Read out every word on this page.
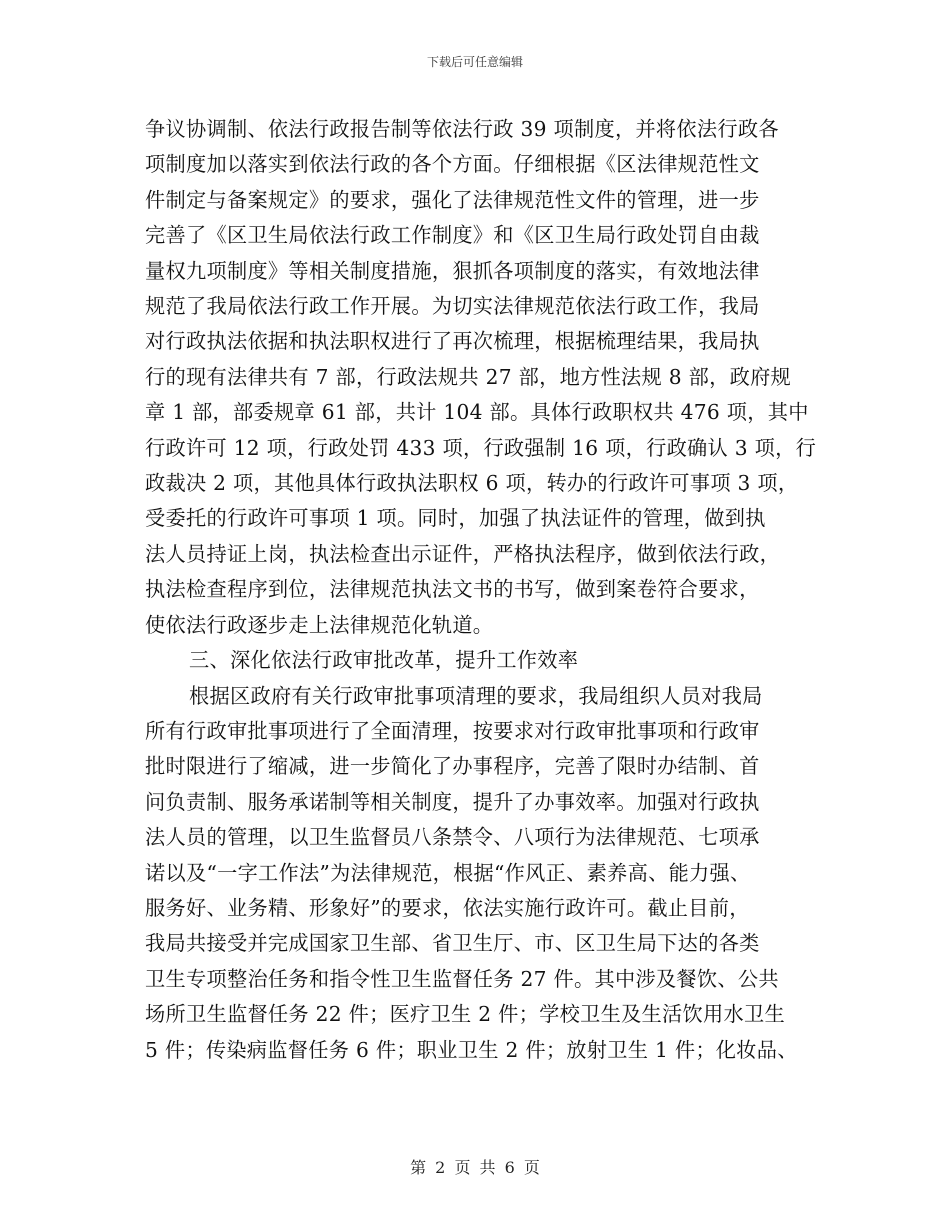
下载后可任意编辑
争议协调制、依法行政报告制等依法行政 39 项制度，并将依法行政各
项制度加以落实到依法行政的各个方面。仔细根据《区法律规范性文
件制定与备案规定》的要求，强化了法律规范性文件的管理，进一步
完善了《区卫生局依法行政工作制度》和《区卫生局行政处罚自由裁
量权九项制度》等相关制度措施，狠抓各项制度的落实，有效地法律
规范了我局依法行政工作开展。为切实法律规范依法行政工作，我局
对行政执法依据和执法职权进行了再次梳理，根据梳理结果，我局执
行的现有法律共有 7 部，行政法规共 27 部，地方性法规 8 部，政府规
章 1 部，部委规章 61 部，共计 104 部。具体行政职权共 476 项，其中
行政许可 12 项，行政处罚 433 项，行政强制 16 项，行政确认 3 项，行
政裁决 2 项，其他具体行政执法职权 6 项，转办的行政许可事项 3 项，
受委托的行政许可事项 1 项。同时，加强了执法证件的管理，做到执
法人员持证上岗，执法检查出示证件，严格执法程序，做到依法行政，
执法检查程序到位，法律规范执法文书的书写，做到案卷符合要求，
使依法行政逐步走上法律规范化轨道。
三、深化依法行政审批改革，提升工作效率
根据区政府有关行政审批事项清理的要求，我局组织人员对我局
所有行政审批事项进行了全面清理，按要求对行政审批事项和行政审
批时限进行了缩减，进一步简化了办事程序，完善了限时办结制、首
问负责制、服务承诺制等相关制度，提升了办事效率。加强对行政执
法人员的管理，以卫生监督员八条禁令、八项行为法律规范、七项承
诺以及“一字工作法”为法律规范，根据“作风正、素养高、能力强、
服务好、业务精、形象好”的要求，依法实施行政许可。截止目前，
我局共接受并完成国家卫生部、省卫生厅、市、区卫生局下达的各类
卫生专项整治任务和指令性卫生监督任务 27 件。其中涉及餐饮、公共
场所卫生监督任务 22 件；医疗卫生 2 件；学校卫生及生活饮用水卫生
5 件；传染病监督任务 6 件；职业卫生 2 件；放射卫生 1 件；化妆品、
第 2 页 共 6 页
